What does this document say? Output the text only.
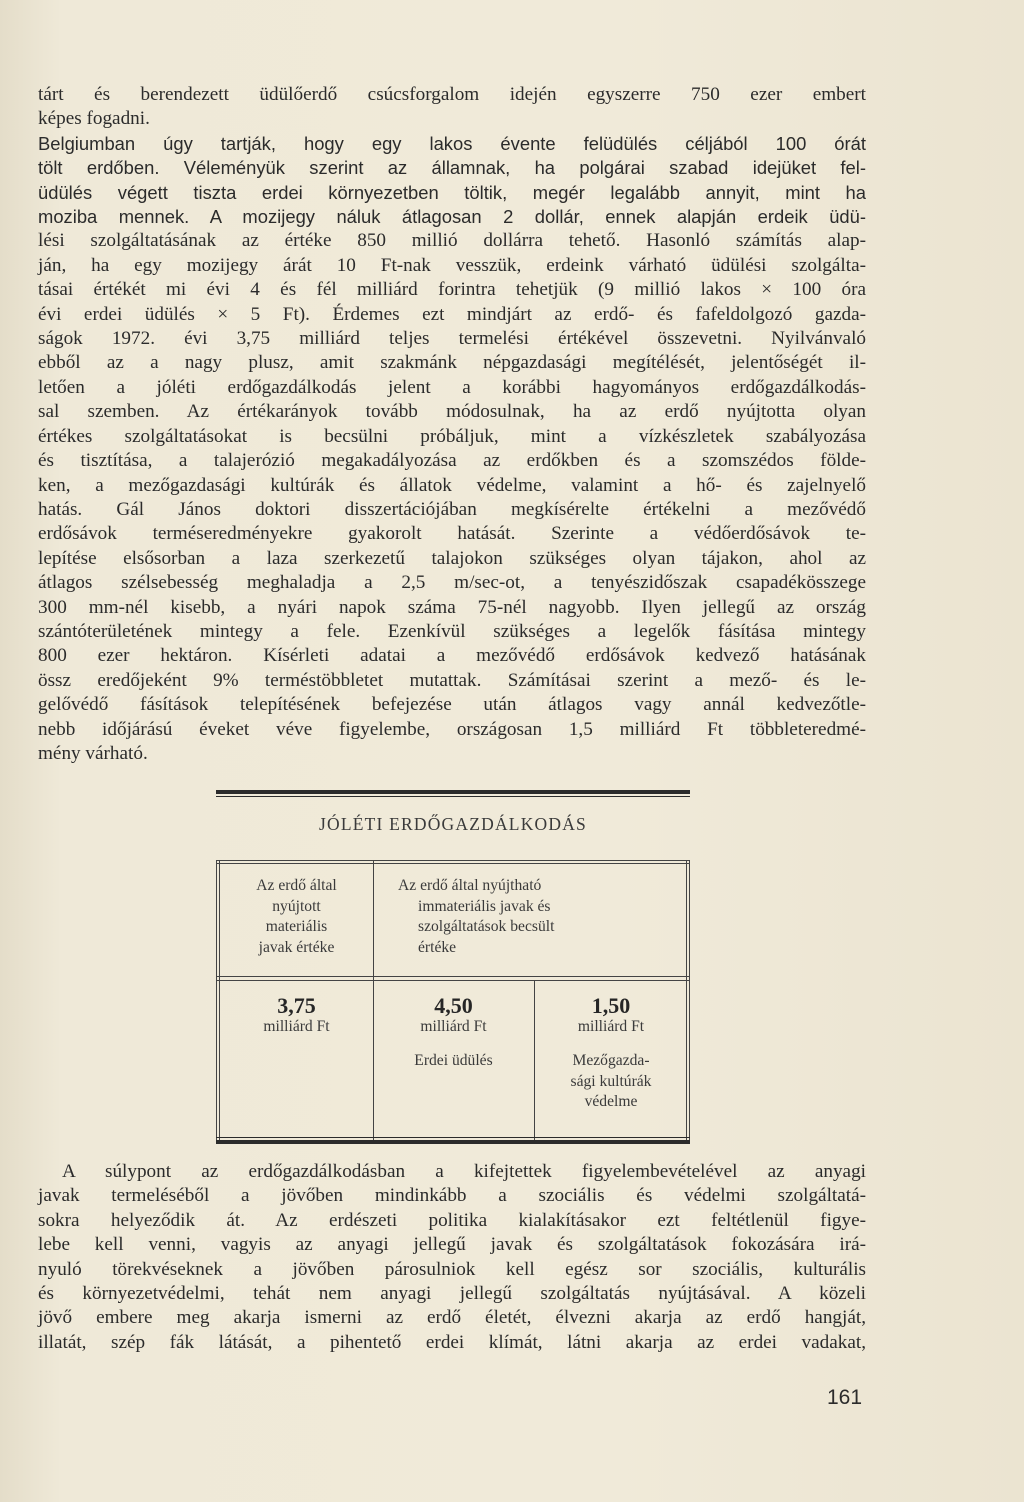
tárt és berendezett üdülőerdő csúcsforgalom idején egyszerre 750 ezer embert
képes fogadni.
Belgiumban úgy tartják, hogy egy lakos évente felüdülés céljából 100 órát
tölt erdőben. Véleményük szerint az államnak, ha polgárai szabad idejüket fel-
üdülés végett tiszta erdei környezetben töltik, megér legalább annyit, mint ha
moziba mennek. A mozijegy náluk átlagosan 2 dollár, ennek alapján erdeik üdü-
lési szolgáltatásának az értéke 850 millió dollárra tehető. Hasonló számítás alap-
ján, ha egy mozijegy árát 10 Ft-nak vesszük, erdeink várható üdülési szolgálta-
tásai értékét mi évi 4 és fél milliárd forintra tehetjük (9 millió lakos × 100 óra
évi erdei üdülés × 5 Ft). Érdemes ezt mindjárt az erdő- és fafeldolgozó gazda-
ságok 1972. évi 3,75 milliárd teljes termelési értékével összevetni. Nyilvánvaló
ebből az a nagy plusz, amit szakmánk népgazdasági megítélését, jelentőségét il-
letően a jóléti erdőgazdálkodás jelent a korábbi hagyományos erdőgazdálkodás-
sal szemben. Az értékarányok tovább módosulnak, ha az erdő nyújtotta olyan
értékes szolgáltatásokat is becsülni próbáljuk, mint a vízkészletek szabályozása
és tisztítása, a talajerózió megakadályozása az erdőkben és a szomszédos földe-
ken, a mezőgazdasági kultúrák és állatok védelme, valamint a hő- és zajelnyelő
hatás. Gál János doktori disszertációjában megkísérelte értékelni a mezővédő
erdősávok terméseredményekre gyakorolt hatását. Szerinte a védőerdősávok te-
lepítése elsősorban a laza szerkezetű talajokon szükséges olyan tájakon, ahol az
átlagos szélsebesség meghaladja a 2,5 m/sec-ot, a tenyészidőszak csapadékösszege
300 mm-nél kisebb, a nyári napok száma 75-nél nagyobb. Ilyen jellegű az ország
szántóterületének mintegy a fele. Ezenkívül szükséges a legelők fásítása mintegy
800 ezer hektáron. Kísérleti adatai a mezővédő erdősávok kedvező hatásának
össz eredőjeként 9% terméstöbbletet mutattak. Számításai szerint a mező- és le-
gelővédő fásítások telepítésének befejezése után átlagos vagy annál kedvezőtle-
nebb időjárású éveket véve figyelembe, országosan 1,5 milliárd Ft többleteredmé-
mény várható.
JÓLÉTI ERDŐGAZDÁLKODÁS
Az erdő által
nyújtott
materiális
javak értéke
Az erdő által nyújtható
immateriális javak és
szolgáltatások becsült
értéke
3,75
milliárd Ft
4,50
milliárd Ft
Erdei üdülés
1,50
milliárd Ft
Mezőgazda-
sági kultúrák
védelme
A súlypont az erdőgazdálkodásban a kifejtettek figyelembevételével az anyagi
javak termeléséből a jövőben mindinkább a szociális és védelmi szolgáltatá-
sokra helyeződik át. Az erdészeti politika kialakításakor ezt feltétlenül figye-
lebe kell venni, vagyis az anyagi jellegű javak és szolgáltatások fokozására irá-
nyuló törekvéseknek a jövőben párosulniok kell egész sor szociális, kulturális
és környezetvédelmi, tehát nem anyagi jellegű szolgáltatás nyújtásával. A közeli
jövő embere meg akarja ismerni az erdő életét, élvezni akarja az erdő hangját,
illatát, szép fák látását, a pihentető erdei klímát, látni akarja az erdei vadakat,
161
